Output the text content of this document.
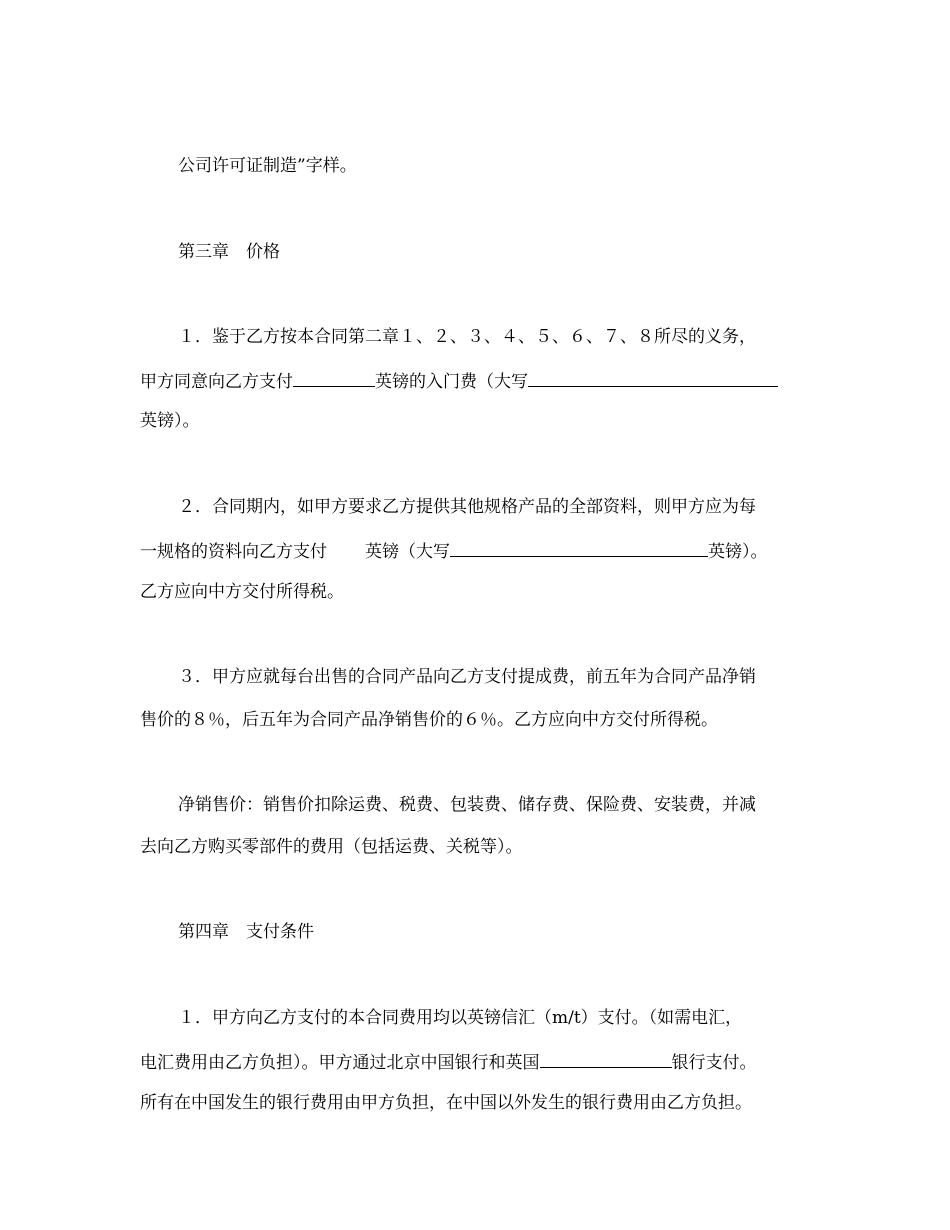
公司许可证制造”字样。
第三章　价格
１．鉴于乙方按本合同第二章１、２、３、４、５、６、７、８所尽的义务，
甲方同意向乙方支付	英镑的入门费（大写
英镑）。
２．合同期内，如甲方要求乙方提供其他规格产品的全部资料，则甲方应为每
一规格的资料向乙方支付 英镑（大写	英镑）。
乙方应向中方交付所得税。
３．甲方应就每台出售的合同产品向乙方支付提成费，前五年为合同产品净销
售价的８％，后五年为合同产品净销售价的６％。乙方应向中方交付所得税。
净销售价：销售价扣除运费、税费、包装费、储存费、保险费、安装费，并减
去向乙方购买零部件的费用（包括运费、关税等）。
第四章　支付条件
１．甲方向乙方支付的本合同费用均以英镑信汇（m/t）支付。（如需电汇，
电汇费用由乙方负担）。甲方通过北京中国银行和英国	银行支付。
所有在中国发生的银行费用由甲方负担，在中国以外发生的银行费用由乙方负担。
